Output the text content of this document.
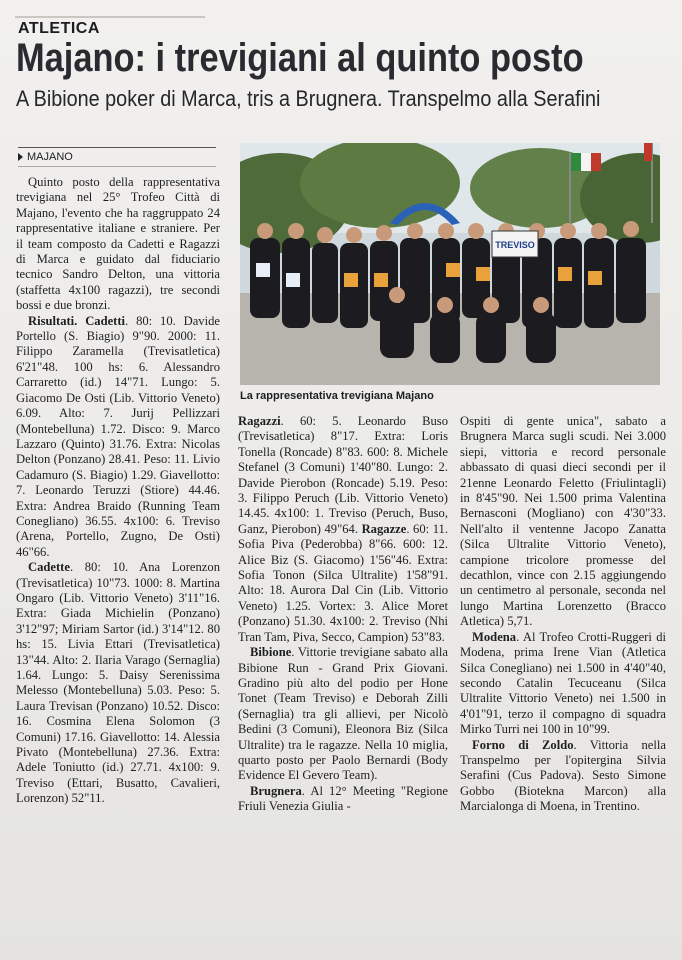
ATLETICA
Majano: i trevigiani al quinto posto
A Bibione poker di Marca, tris a Brugnera. Transpelmo alla Serafini
MAJANO
TREVISO
La rappresentativa trevigiana Majano

Quinto posto della rappresentativa trevigiana nel 25° Trofeo Città di Majano, l'evento che ha raggruppato 24 rappresentative italiane e straniere. Per il team composto da Cadetti e Ragazzi di Marca e guidato dal fiduciario tecnico Sandro Delton, una vittoria (staffetta 4x100 ragazzi), tre secondi bossi e due bronzi.

Risultati. Cadetti. 80: 10. Davide Portello (S. Biagio) 9"90. 2000: 11. Filippo Zaramella (Trevisatletica) 6'21"48. 100 hs: 6. Alessandro Carraretto (id.) 14"71. Lungo: 5. Giacomo De Osti (Lib. Vittorio Veneto) 6.09. Alto: 7. Jurij Pellizzari (Montebelluna) 1.72. Disco: 9. Marco Lazzaro (Quinto) 31.76. Extra: Nicolas Delton (Ponzano) 28.41. Peso: 11. Livio Cadamuro (S. Biagio) 1.29. Giavellotto: 7. Leonardo Teruzzi (Stiore) 44.46. Extra: Andrea Braido (Running Team Conegliano) 36.55. 4x100: 6. Treviso (Arena, Portello, Zugno, De Osti) 46"66.

Cadette. 80: 10. Ana Lorenzon (Trevisatletica) 10"73. 1000: 8. Martina Ongaro (Lib. Vittorio Veneto) 3'11"16. Extra: Giada Michielin (Ponzano) 3'12"97; Miriam Sartor (id.) 3'14"12. 80 hs: 15. Livia Ettari (Trevisatletica) 13"44. Alto: 2. Ilaria Varago (Sernaglia) 1.64. Lungo: 5. Daisy Serenissima Melesso (Montebelluna) 5.03. Peso: 5. Laura Trevisan (Ponzano) 10.52. Disco: 16. Cosmina Elena Solomon (3 Comuni) 17.16. Giavellotto: 14. Alessia Pivato (Montebelluna) 27.36. Extra: Adele Toniutto (id.) 27.71. 4x100: 9. Treviso (Ettari, Busatto, Cavalieri, Lorenzon) 52"11.

Ragazzi. 60: 5. Leonardo Buso (Trevisatletica) 8"17. Extra: Loris Tonella (Roncade) 8"83. 600: 8. Michele Stefanel (3 Comuni) 1'40"80. Lungo: 2. Davide Pierobon (Roncade) 5.19. Peso: 3. Filippo Peruch (Lib. Vittorio Veneto) 14.45. 4x100: 1. Treviso (Peruch, Buso, Ganz, Pierobon) 49"64. Ragazze. 60: 11. Sofia Piva (Pederobba) 8"66. 600: 12. Alice Biz (S. Giacomo) 1'56"46. Extra: Sofia Tonon (Silca Ultralite) 1'58"91. Alto: 18. Aurora Dal Cin (Lib. Vittorio Veneto) 1.25. Vortex: 3. Alice Moret (Ponzano) 51.30. 4x100: 2. Treviso (Nhi Tran Tam, Piva, Secco, Campion) 53"83.

Bibione. Vittorie trevigiane sabato alla Bibione Run - Grand Prix Giovani. Gradino più alto del podio per Hone Tonet (Team Treviso) e Deborah Zilli (Sernaglia) tra gli allievi, per Nicolò Bedini (3 Comuni), Eleonora Biz (Silca Ultralite) tra le ragazze. Nella 10 miglia, quarto posto per Paolo Bernardi (Body Evidence El Gevero Team).

Brugnera. Al 12° Meeting "Regione Friuli Venezia Giulia -

Ospiti di gente unica", sabato a Brugnera Marca sugli scudi. Nei 3.000 siepi, vittoria e record personale abbassato di quasi dieci secondi per il 21enne Leonardo Feletto (Friulintagli) in 8'45"90. Nei 1.500 prima Valentina Bernasconi (Mogliano) con 4'30"33. Nell'alto il ventenne Jacopo Zanatta (Silca Ultralite Vittorio Veneto), campione tricolore promesse del decathlon, vince con 2.15 aggiungendo un centimetro al personale, seconda nel lungo Martina Lorenzetto (Bracco Atletica) 5,71.

Modena. Al Trofeo Crotti-Ruggeri di Modena, prima Irene Vian (Atletica Silca Conegliano) nei 1.500 in 4'40"40, secondo Catalin Tecuceanu (Silca Ultralite Vittorio Veneto) nei 1.500 in 4'01"91, terzo il compagno di squadra Mirko Turri nei 100 in 10"99.

Forno di Zoldo. Vittoria nella Transpelmo per l'opitergina Silvia Serafini (Cus Padova). Sesto Simone Gobbo (Biotekna Marcon) alla Marcialonga di Moena, in Trentino.
